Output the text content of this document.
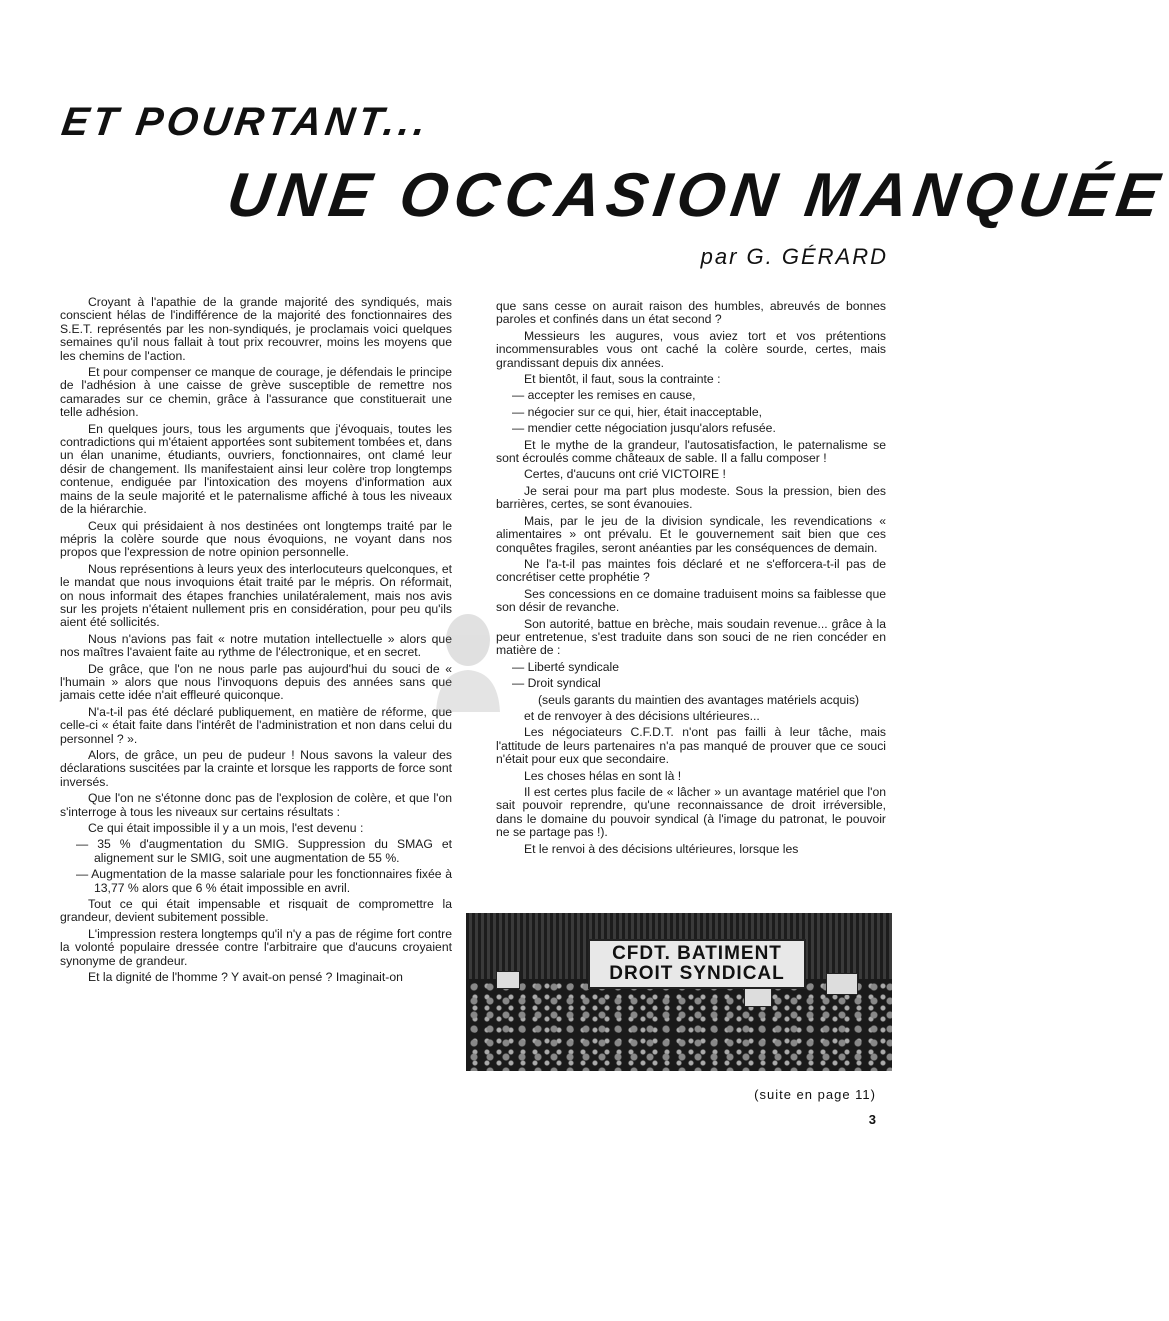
ET POURTANT...
UNE OCCASION MANQUÉE
par G. GÉRARD

Croyant à l'apathie de la grande majorité des syndiqués, mais conscient hélas de l'indifférence de la majorité des fonctionnaires des S.E.T. représentés par les non-syndiqués, je proclamais voici quelques semaines qu'il nous fallait à tout prix recouvrer, moins les moyens que les chemins de l'action.

Et pour compenser ce manque de courage, je défendais le principe de l'adhésion à une caisse de grève susceptible de remettre nos camarades sur ce chemin, grâce à l'assurance que constituerait une telle adhésion.

En quelques jours, tous les arguments que j'évoquais, toutes les contradictions qui m'étaient apportées sont subitement tombées et, dans un élan unanime, étudiants, ouvriers, fonctionnaires, ont clamé leur désir de changement. Ils manifestaient ainsi leur colère trop longtemps contenue, endiguée par l'intoxication des moyens d'information aux mains de la seule majorité et le paternalisme affiché à tous les niveaux de la hiérarchie.

Ceux qui présidaient à nos destinées ont longtemps traité par le mépris la colère sourde que nous évoquions, ne voyant dans nos propos que l'expression de notre opinion personnelle.

Nous représentions à leurs yeux des interlocuteurs quelconques, et le mandat que nous invoquions était traité par le mépris. On réformait, on nous informait des étapes franchies unilatéralement, mais nos avis sur les projets n'étaient nullement pris en considération, pour peu qu'ils aient été sollicités.

Nous n'avions pas fait « notre mutation intellectuelle » alors que nos maîtres l'avaient faite au rythme de l'électronique, et en secret.

De grâce, que l'on ne nous parle pas aujourd'hui du souci de « l'humain » alors que nous l'invoquons depuis des années sans que jamais cette idée n'ait effleuré quiconque.

N'a-t-il pas été déclaré publiquement, en matière de réforme, que celle-ci « était faite dans l'intérêt de l'administration et non dans celui du personnel ? ».

Alors, de grâce, un peu de pudeur ! Nous savons la valeur des déclarations suscitées par la crainte et lorsque les rapports de force sont inversés.

Que l'on ne s'étonne donc pas de l'explosion de colère, et que l'on s'interroge à tous les niveaux sur certains résultats :

Ce qui était impossible il y a un mois, l'est devenu :

— 35 % d'augmentation du SMIG. Suppression du SMAG et alignement sur le SMIG, soit une augmentation de 55 %.

— Augmentation de la masse salariale pour les fonctionnaires fixée à 13,77 % alors que 6 % était impossible en avril.

Tout ce qui était impensable et risquait de compromettre la grandeur, devient subitement possible.

L'impression restera longtemps qu'il n'y a pas de régime fort contre la volonté populaire dressée contre l'arbitraire que d'aucuns croyaient synonyme de grandeur.

Et la dignité de l'homme ? Y avait-on pensé ? Imaginait-on

que sans cesse on aurait raison des humbles, abreuvés de bonnes paroles et confinés dans un état second ?

Messieurs les augures, vous aviez tort et vos prétentions incommensurables vous ont caché la colère sourde, certes, mais grandissant depuis dix années.

Et bientôt, il faut, sous la contrainte :

— accepter les remises en cause,

— négocier sur ce qui, hier, était inacceptable,

— mendier cette négociation jusqu'alors refusée.

Et le mythe de la grandeur, l'autosatisfaction, le paternalisme se sont écroulés comme châteaux de sable. Il a fallu composer !

Certes, d'aucuns ont crié VICTOIRE !

Je serai pour ma part plus modeste. Sous la pression, bien des barrières, certes, se sont évanouies.

Mais, par le jeu de la division syndicale, les revendications « alimentaires » ont prévalu. Et le gouvernement sait bien que ces conquêtes fragiles, seront anéanties par les conséquences de demain.

Ne l'a-t-il pas maintes fois déclaré et ne s'efforcera-t-il pas de concrétiser cette prophétie ?

Ses concessions en ce domaine traduisent moins sa faiblesse que son désir de revanche.

Son autorité, battue en brèche, mais soudain revenue... grâce à la peur entretenue, s'est traduite dans son souci de ne rien concéder en matière de :

— Liberté syndicale

— Droit syndical

(seuls garants du maintien des avantages matériels acquis)

et de renvoyer à des décisions ultérieures...

Les négociateurs C.F.D.T. n'ont pas failli à leur tâche, mais l'attitude de leurs partenaires n'a pas manqué de prouver que ce souci n'était pour eux que secondaire.

Les choses hélas en sont là !

Il est certes plus facile de « lâcher » un avantage matériel que l'on sait pouvoir reprendre, qu'une reconnaissance de droit irréversible, dans le domaine du pouvoir syndical (à l'image du patronat, le pouvoir ne se partage pas !).

Et le renvoi à des décisions ultérieures, lorsque les

CFDT. BATIMENT
DROIT SYNDICAL
(suite en page 11)
3
